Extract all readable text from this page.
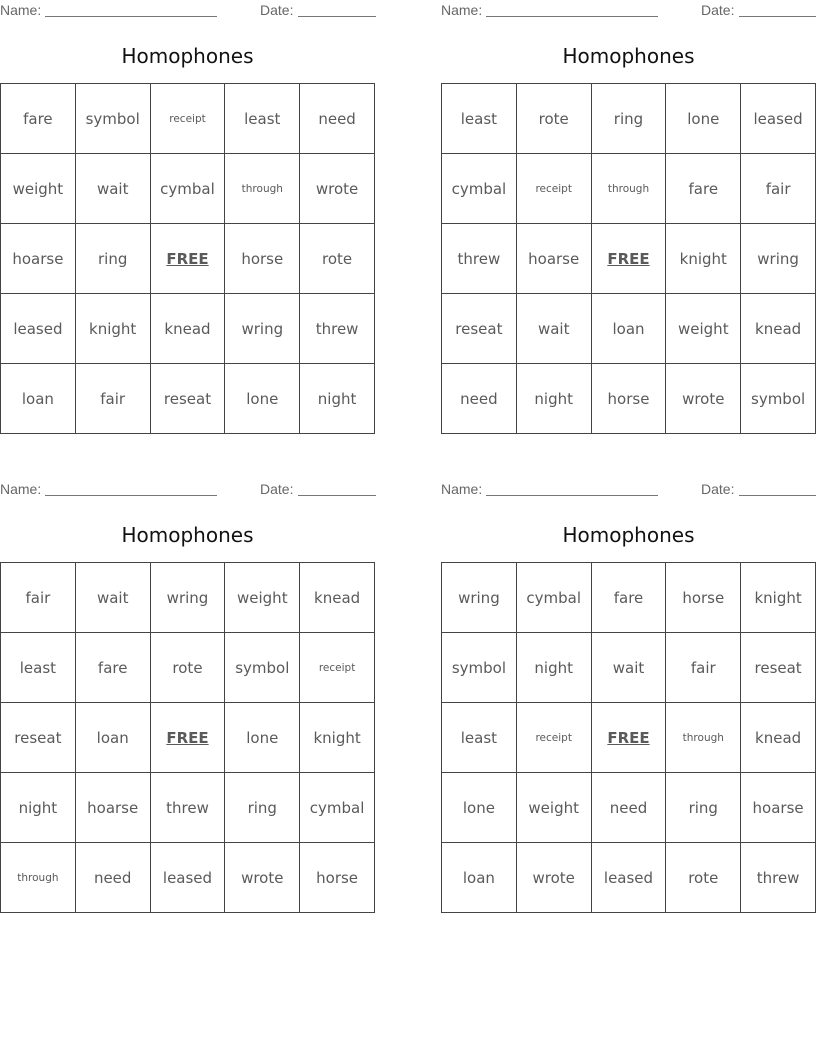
Name:	Date:
Homophones
fare	symbol	receipt	least	need
weight	wait	cymbal	through	wrote
hoarse	ring	FREE	horse	rote
leased	knight	knead	wring	threw
loan	fair	reseat	lone	night
Name:	Date:
Homophones
least	rote	ring	lone	leased
cymbal	receipt	through	fare	fair
threw	hoarse	FREE	knight	wring
reseat	wait	loan	weight	knead
need	night	horse	wrote	symbol
Name:	Date:
Homophones
fair	wait	wring	weight	knead
least	fare	rote	symbol	receipt
reseat	loan	FREE	lone	knight
night	hoarse	threw	ring	cymbal
through	need	leased	wrote	horse
Name:	Date:
Homophones
wring	cymbal	fare	horse	knight
symbol	night	wait	fair	reseat
least	receipt	FREE	through	knead
lone	weight	need	ring	hoarse
loan	wrote	leased	rote	threw
